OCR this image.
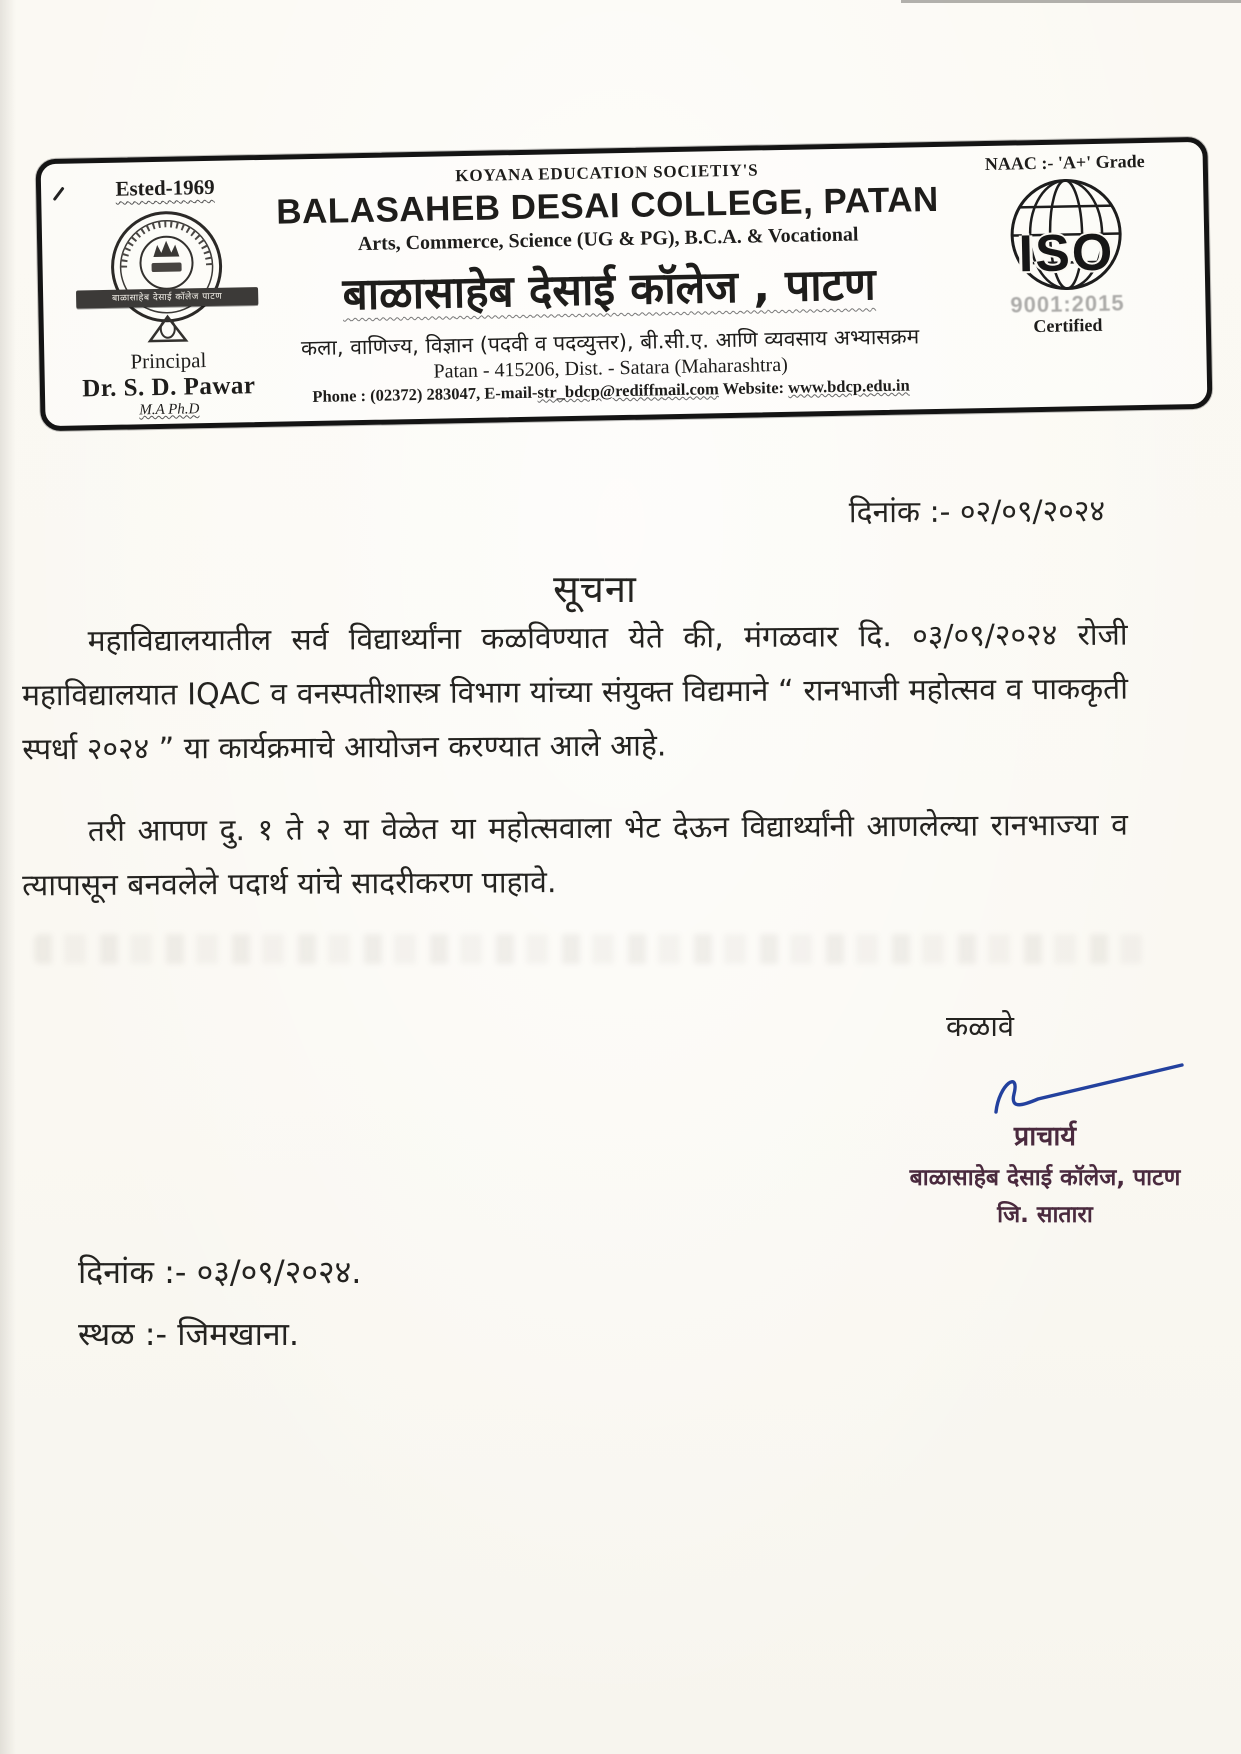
Ested-1969
बाळासाहेब देसाई कॉलेज पाटण
Principal
Dr. S. D. Pawar
M.A Ph.D
KOYANA EDUCATION SOCIETIY'S
BALASAHEB DESAI COLLEGE, PATAN
Arts, Commerce, Science (UG & PG), B.C.A. & Vocational
बाळासाहेब देसाई कॉलेज , पाटण
कला, वाणिज्य, विज्ञान (पदवी व पदव्युत्तर), बी.सी.ए. आणि व्यवसाय अभ्यासक्रम
Patan - 415206, Dist. - Satara (Maharashtra)
Phone : (02372) 283047, E-mail-str_bdcp@rediffmail.com Website: www.bdcp.edu.in
NAAC :- 'A+' Grade
ISO
9001:2015
Certified
दिनांक :- ०२/०९/२०२४
सूचना
महाविद्यालयातील सर्व विद्यार्थ्यांना कळविण्यात येते की, मंगळवार दि. ०३/०९/२०२४ रोजी महाविद्यालयात IQAC व वनस्पतीशास्त्र विभाग यांच्या संयुक्त विद्यमाने “ रानभाजी महोत्सव व पाककृती स्पर्धा २०२४ ” या कार्यक्रमाचे आयोजन करण्यात आले आहे.
तरी आपण दु. १ ते २ या वेळेत या महोत्सवाला भेट देऊन विद्यार्थ्यांनी आणलेल्या रानभाज्या व त्यापासून बनवलेले पदार्थ यांचे सादरीकरण पाहावे.
कळावे
प्राचार्य
बाळासाहेब देसाई कॉलेज, पाटण
जि. सातारा
दिनांक :- ०३/०९/२०२४.
स्थळ :- जिमखाना.
